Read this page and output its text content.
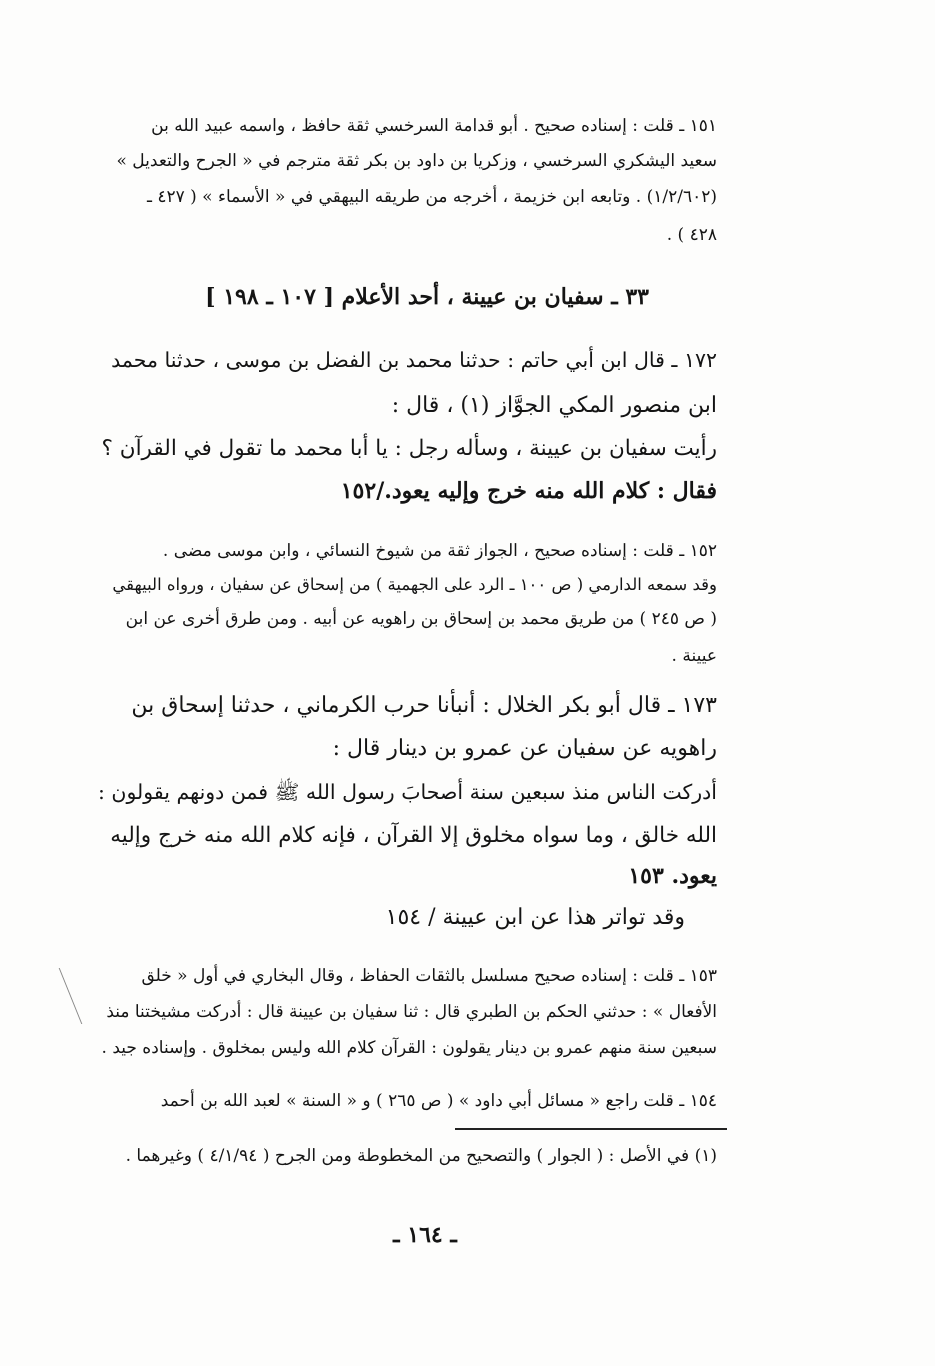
١٥١ ـ قلت : إسناده صحيح . أبو قدامة السرخسي ثقة حافظ ، واسمه عبيد الله بن
سعيد اليشكري السرخسي ، وزكريا بن داود بن بكر ثقة مترجم في « الجرح والتعديل »
(١/٢/٦٠٢) . وتابعه ابن خزيمة ، أخرجه من طريقه البيهقي في « الأسماء » ( ٤٢٧ ـ
٤٢٨ ) .
٣٣ ـ سفيان بن عيينة ، أحد الأعلام [ ١٠٧ ـ ١٩٨ ]
١٧٢ ـ قال ابن أبي حاتم : حدثنا محمد بن الفضل بن موسى ، حدثنا محمد
ابن منصور المكي الجوَّاز (١) ، قال :
رأيت سفيان بن عيينة ، وسأله رجل : يا أبا محمد ما تقول في القرآن ؟
فقال : كلام الله منه خرج وإليه يعود./١٥٢
١٥٢ ـ قلت : إسناده صحيح ، الجواز ثقة من شيوخ النسائي ، وابن موسى مضى .
وقد سمعه الدارمي ( ص ١٠٠ ـ الرد على الجهمية ) من إسحاق عن سفيان ، ورواه البيهقي
( ص ٢٤٥ ) من طريق محمد بن إسحاق بن راهويه عن أبيه . ومن طرق أخرى عن ابن
عيينة .
١٧٣ ـ قال أبو بكر الخلال : أنبأنا حرب الكرماني ، حدثنا إسحاق بن
راهويه عن سفيان عن عمرو بن دينار قال :
أدركت الناس منذ سبعين سنة أصحابَ رسول الله ﷺ فمن دونهم يقولون :
الله خالق ، وما سواه مخلوق إلا القرآن ، فإنه كلام الله منه خرج وإليه
يعود. ١٥٣
وقد تواتر هذا عن ابن عيينة / ١٥٤
١٥٣ ـ قلت : إسناده صحيح مسلسل بالثقات الحفاظ ، وقال البخاري في أول « خلق
الأفعال » : حدثني الحكم بن الطبري قال : ثنا سفيان بن عيينة قال : أدركت مشيختنا منذ
سبعين سنة منهم عمرو بن دينار يقولون : القرآن كلام الله وليس بمخلوق . وإسناده جيد .
١٥٤ ـ قلت راجع « مسائل أبي داود » ( ص ٢٦٥ ) و « السنة » لعبد الله بن أحمد
(١) في الأصل : ( الجوار ) والتصحيح من المخطوطة ومن الجرح ( ٤/١/٩٤ ) وغيرهما .
ـ ١٦٤ ـ
